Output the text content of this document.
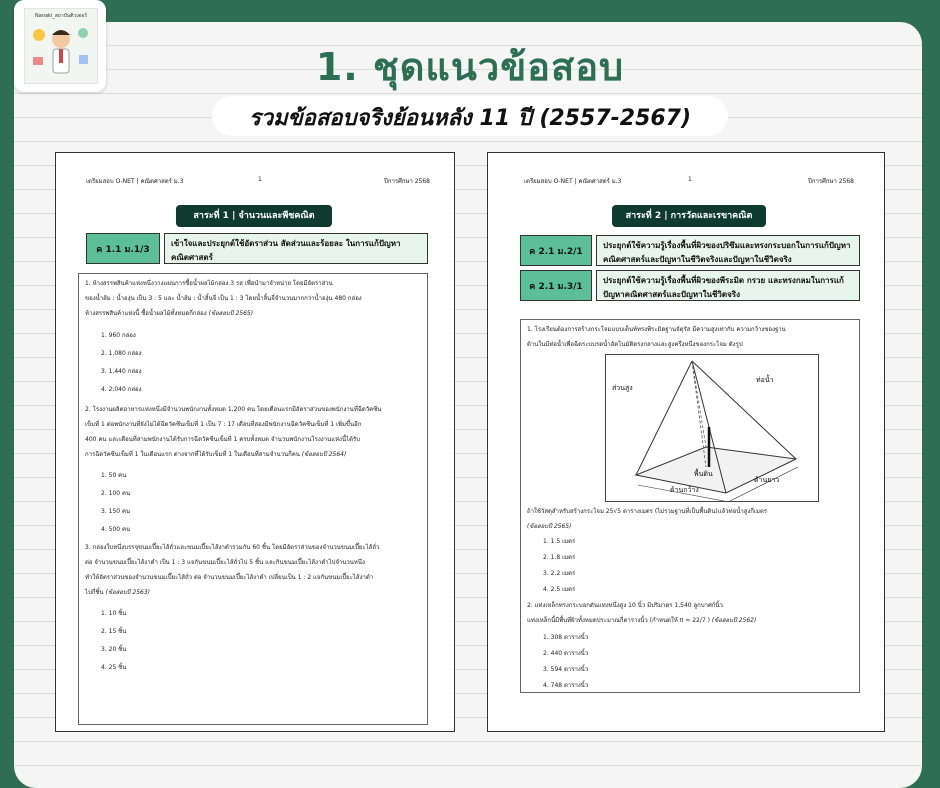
Nanaki_สถาบันติวเตอร์
1. ชุดแนวข้อสอบ
รวมข้อสอบจริงย้อนหลัง 11 ปี (2557-2567)
เตรียมสอบ O-NET | คณิตศาสตร์ ม.3	1	ปีการศึกษา 2568
สาระที่ 1 | จำนวนและพีชคณิต
ค 1.1 ม.1/3
เข้าใจและประยุกต์ใช้อัตราส่วน สัดส่วนและร้อยละ ในการแก้ปัญหาคณิตศาสตร์
1. ห้างสรรพสินค้าแห่งหนึ่งวางแผนการซื้อน้ำผลไม้กล่อง 3 รส เพื่อนำมาจำหน่าย โดยมีอัตราส่วน
ของน้ำส้ม : น้ำองุ่น เป็น 3 : 5 และ น้ำส้ม : น้ำลิ้นจี่ เป็น 1 : 3 โดยน้ำลิ้นจี่จำนวนมากกว่าน้ำองุ่น 480 กล่อง
ห้างสรรพสินค้าแห่งนี้ ซื้อน้ำผลไม้ทั้งหมดกี่กล่อง (ข้อสอบปี 2565)
1. 960 กล่อง
2. 1,080 กล่อง
3. 1,440 กล่อง
4. 2,040 กล่อง
2. โรงงานผลิตอาหารแห่งหนึ่งมีจำนวนพนักงานทั้งหมด 1,200 คน โดยเดือนแรกมีอัตราส่วนของพนักงานที่ฉีดวัคซีน
เข็มที่ 1 ต่อพนักงานที่ยังไม่ได้ฉีดวัคซีนเข็มที่ 1 เป็น 7 : 17 เดือนที่สองมีพนักงานฉีดวัคซีนเข็มที่ 1 เพิ่มขึ้นอีก
400 คน และเดือนที่สามพนักงานได้รับการฉีดวัคซีนเข็มที่ 1 ครบทั้งหมด จำนวนพนักงานโรงงานแห่งนี้ได้รับ
การฉีดวัคซีนเข็มที่ 1 ในเดือนแรก ต่างจากที่ได้รับเข็มที่ 1 ในเดือนที่สามจำนวนกี่คน (ข้อสอบปี 2564)
1. 50 คน
2. 100 คน
3. 150 คน
4. 500 คน
3. กล่องใบหนึ่งบรรจุขนมเปี๊ยะไส้ถั่วและขนมเปี๊ยะไส้งาดำรวมกัน 60 ชิ้น โดยมีอัตราส่วนของจำนวนขนมเปี๊ยะไส้ถั่ว
ต่อ จำนวนขนมเปี๊ยะไส้งาดำ เป็น 1 : 3 แจกันขนมเปี๊ยะไส้ถั่วไป 5 ชิ้น และกินขนมเปี๊ยะไส้งาดำไปจำนวนหนึ่ง
ทำให้อัตราส่วนของจำนวนขนมเปี๊ยะไส้ถั่ว ต่อ จำนวนขนมเปี๊ยะไส้งาดำ เปลี่ยนเป็น 1 : 2 แจกันขนมเปี๊ยะไส้งาดำ
ไปกี่ชิ้น (ข้อสอบปี 2563)
1. 10 ชิ้น
2. 15 ชิ้น
3. 20 ชิ้น
4. 25 ชิ้น
เตรียมสอบ O-NET | คณิตศาสตร์ ม.3	1	ปีการศึกษา 2568
สาระที่ 2 | การวัดและเรขาคณิต
ค 2.1 ม.2/1
ประยุกต์ใช้ความรู้เรื่องพื้นที่ผิวของปริซึมและทรงกระบอกในการแก้ปัญหาคณิตศาสตร์และปัญหาในชีวิตจริงและปัญหาในชีวิตจริง
ค 2.1 ม.3/1
ประยุกต์ใช้ความรู้เรื่องพื้นที่ผิวของพีระมิด กรวย และทรงกลมในการแก้ปัญหาคณิตศาสตร์และปัญหาในชีวิตจริง
1. โรงเรียนต้องการสร้างกระโจมแบบเต็นท์ทรงพีระมิดฐานจัตุรัส มีความสูงเท่ากับ ความกว้างของฐาน
ด้านในมีท่อน้ำเพื่อฉีดระบบรดน้ำอัตโนมัติตรงกลางและสูงครึ่งหนึ่งของกระโจม ดังรูป
ส่วนสูง
ท่อน้ำ
พื้นดิน
ด้านกว้าง
ด้านยาว
ถ้าใช้วัสดุสำหรับสร้างกระโจม 25√5 ตารางเมตร (ไม่รวมฐานที่เป็นพื้นดิน)แล้วท่อน้ำสูงกี่เมตร
(ข้อสอบปี 2565)
1. 1.5 เมตร
2. 1.8 เมตร
3. 2.2 เมตร
4. 2.5 เมตร
2. แท่งเหล็กทรงกระบอกตันแท่งหนึ่งสูง 10 นิ้ว มีปริมาตร 1,540 ลูกบาศก์นิ้ว
แท่งเหล็กนี้มีพื้นที่ผิวทั้งหมดประมาณกี่ตารางนิ้ว (กำหนดให้ π ≈ 22/7 ) (ข้อสอบปี 2562)
1. 308 ตารางนิ้ว
2. 440 ตารางนิ้ว
3. 594 ตารางนิ้ว
4. 748 ตารางนิ้ว
